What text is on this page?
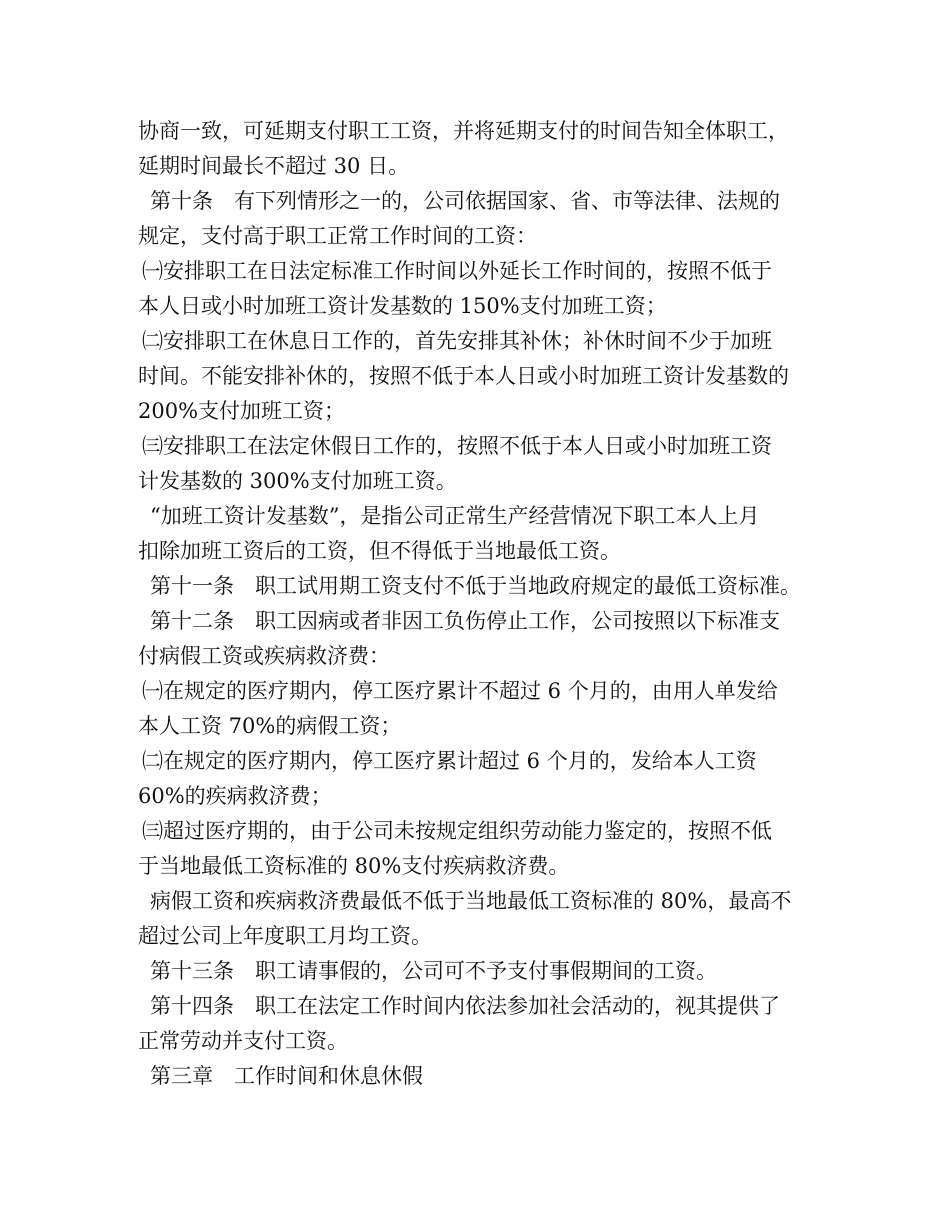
协商一致，可延期支付职工工资，并将延期支付的时间告知全体职工，
延期时间最长不超过 30 日。
第十条　有下列情形之一的，公司依据国家、省、市等法律、法规的
规定，支付高于职工正常工作时间的工资：
㈠安排职工在日法定标准工作时间以外延长工作时间的，按照不低于
本人日或小时加班工资计发基数的 150%支付加班工资；
㈡安排职工在休息日工作的，首先安排其补休；补休时间不少于加班
时间。不能安排补休的，按照不低于本人日或小时加班工资计发基数的
200%支付加班工资；
㈢安排职工在法定休假日工作的，按照不低于本人日或小时加班工资
计发基数的 300%支付加班工资。
“加班工资计发基数”，是指公司正常生产经营情况下职工本人上月
扣除加班工资后的工资，但不得低于当地最低工资。
第十一条　职工试用期工资支付不低于当地政府规定的最低工资标准。
第十二条　职工因病或者非因工负伤停止工作，公司按照以下标准支
付病假工资或疾病救济费：
㈠在规定的医疗期内，停工医疗累计不超过 6 个月的，由用人单发给
本人工资 70%的病假工资；
㈡在规定的医疗期内，停工医疗累计超过 6 个月的，发给本人工资
60%的疾病救济费；
㈢超过医疗期的，由于公司未按规定组织劳动能力鉴定的，按照不低
于当地最低工资标准的 80%支付疾病救济费。
病假工资和疾病救济费最低不低于当地最低工资标准的 80%，最高不
超过公司上年度职工月均工资。
第十三条　职工请事假的，公司可不予支付事假期间的工资。
第十四条　职工在法定工作时间内依法参加社会活动的，视其提供了
正常劳动并支付工资。
第三章　工作时间和休息休假
